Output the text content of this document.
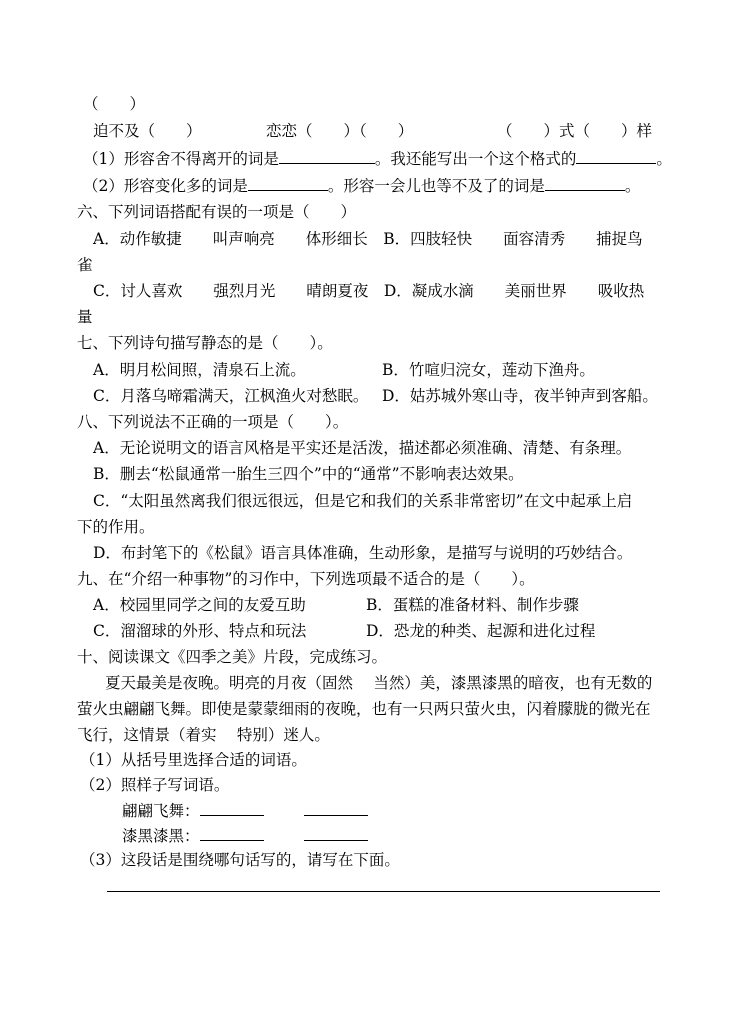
（　　）
迫不及（　　）	恋恋（　　）（　　）	（　　）式（　　）样
（1）形容舍不得离开的词是	。我还能写出一个这个格式的	。
（2）形容变化多的词是	。形容一会儿也等不及了的词是	。
六、下列词语搭配有误的一项是（　　）
A．动作敏捷　　叫声响亮　　体形细长　B．四肢轻快　　面容清秀　　捕捉鸟
雀
C．讨人喜欢　　强烈月光　　晴朗夏夜　D．凝成水滴　　美丽世界　　吸收热
量
七、下列诗句描写静态的是（　　）。
A．明月松间照，清泉石上流。	B．竹喧归浣女，莲动下渔舟。
C．月落乌啼霜满天，江枫渔火对愁眠。 D．姑苏城外寒山寺，夜半钟声到客船。
八、下列说法不正确的一项是（　　）。
A．无论说明文的语言风格是平实还是活泼，描述都必须准确、清楚、有条理。
B．删去“松鼠通常一胎生三四个”中的“通常”不影响表达效果。
C．“太阳虽然离我们很远很远，但是它和我们的关系非常密切”在文中起承上启
下的作用。
D．布封笔下的《松鼠》语言具体准确，生动形象，是描写与说明的巧妙结合。
九、在“介绍一种事物”的习作中，下列选项最不适合的是（　　）。
A．校园里同学之间的友爱互助	B．蛋糕的准备材料、制作步骤
C．溜溜球的外形、特点和玩法	D．恐龙的种类、起源和进化过程
十、阅读课文《四季之美》片段，完成练习。
夏天最美是夜晚。明亮的月夜（固然　 当然）美，漆黑漆黑的暗夜，也有无数的
萤火虫翩翩飞舞。即使是蒙蒙细雨的夜晚，也有一只两只萤火虫，闪着朦胧的微光在
飞行，这情景（着实　 特别）迷人。
（1）从括号里选择合适的词语。
（2）照样子写词语。
翩翩飞舞：
漆黑漆黑：
（3）这段话是围绕哪句话写的，请写在下面。
